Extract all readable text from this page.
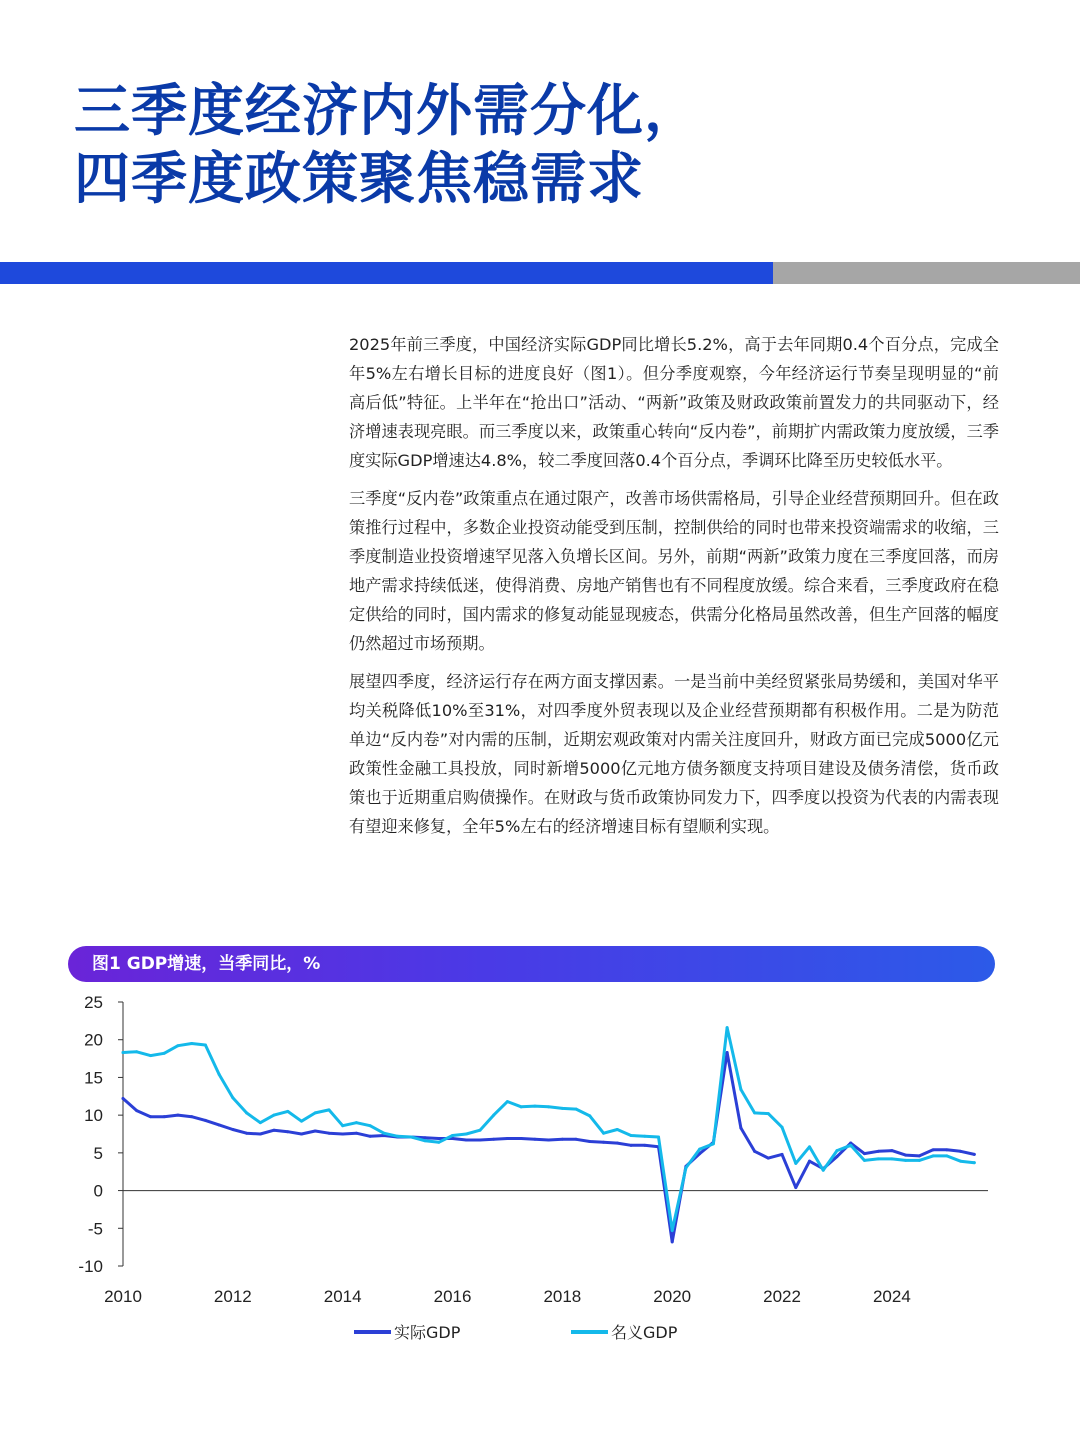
三季度经济内外需分化，
四季度政策聚焦稳需求

2025年前三季度，中国经济实际GDP同比增长5.2%，高于去年同期0.4个百分点，完成全年5%左右增长目标的进度良好（图1）。但分季度观察，今年经济运行节奏呈现明显的“前高后低”特征。上半年在“抢出口”活动、“两新”政策及财政政策前置发力的共同驱动下，经济增速表现亮眼。而三季度以来，政策重心转向“反内卷”，前期扩内需政策力度放缓，三季度实际GDP增速达4.8%，较二季度回落0.4个百分点，季调环比降至历史较低水平。

三季度“反内卷”政策重点在通过限产，改善市场供需格局，引导企业经营预期回升。但在政策推行过程中，多数企业投资动能受到压制，控制供给的同时也带来投资端需求的收缩，三季度制造业投资增速罕见落入负增长区间。另外，前期“两新”政策力度在三季度回落，而房地产需求持续低迷，使得消费、房地产销售也有不同程度放缓。综合来看，三季度政府在稳定供给的同时，国内需求的修复动能显现疲态，供需分化格局虽然改善，但生产回落的幅度仍然超过市场预期。

展望四季度，经济运行存在两方面支撑因素。一是当前中美经贸紧张局势缓和，美国对华平均关税降低10%至31%，对四季度外贸表现以及企业经营预期都有积极作用。二是为防范单边“反内卷”对内需的压制，近期宏观政策对内需关注度回升，财政方面已完成5000亿元政策性金融工具投放，同时新增5000亿元地方债务额度支持项目建设及债务清偿，货币政策也于近期重启购债操作。在财政与货币政策协同发力下，四季度以投资为代表的内需表现有望迎来修复，全年5%左右的经济增速目标有望顺利实现。

图1 GDP增速，当季同比，%
25
20
15
10
5
0
-5
-10
2010	2012	2014	2016	2018	2020	2022	2024
实际GDP	名义GDP
